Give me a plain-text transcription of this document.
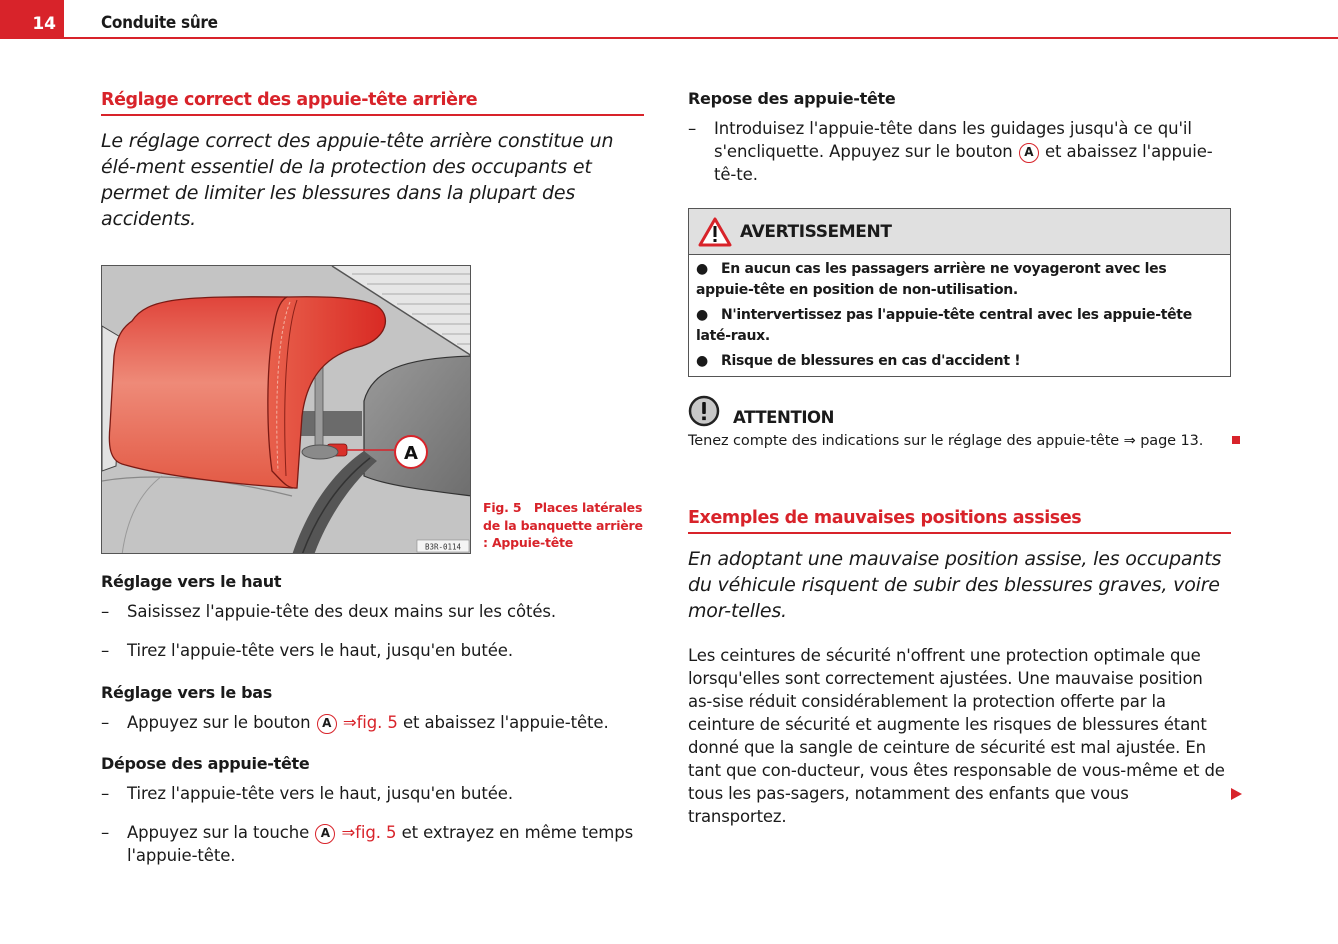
14	Conduite sûre
Réglage correct des appuie-tête arrière
Le réglage correct des appuie-tête arrière constitue un élé-ment essentiel de la protection des occupants et permet de limiter les blessures dans la plupart des accidents.
A
B3R-0114
Fig. 5 Places latérales de la banquette arrière : Appuie-tête
Réglage vers le haut
– Saisissez l'appuie-tête des deux mains sur les côtés.
– Tirez l'appuie-tête vers le haut, jusqu'en butée.
Réglage vers le bas
– Appuyez sur le bouton A ⇒fig. 5 et abaissez l'appuie-tête.
Dépose des appuie-tête
– Tirez l'appuie-tête vers le haut, jusqu'en butée.
– Appuyez sur la touche A ⇒fig. 5 et extrayez en même temps l'appuie-tête.
Repose des appuie-tête
– Introduisez l'appuie-tête dans les guidages jusqu'à ce qu'il s'encliquette. Appuyez sur le bouton A et abaissez l'appuie-tê-te.
AVERTISSEMENT
● En aucun cas les passagers arrière ne voyageront avec les appuie-tête en position de non-utilisation.
● N'intervertissez pas l'appuie-tête central avec les appuie-tête laté-raux.
● Risque de blessures en cas d'accident !
ATTENTION
Tenez compte des indications sur le réglage des appuie-tête ⇒ page 13.
Exemples de mauvaises positions assises
En adoptant une mauvaise position assise, les occupants du véhicule risquent de subir des blessures graves, voire mor-telles.
Les ceintures de sécurité n'offrent une protection optimale que lorsqu'elles sont correctement ajustées. Une mauvaise position as-sise réduit considérablement la protection offerte par la ceinture de sécurité et augmente les risques de blessures étant donné que la sangle de ceinture de sécurité est mal ajustée. En tant que con-ducteur, vous êtes responsable de vous-même et de tous les pas-sagers, notamment des enfants que vous transportez.
